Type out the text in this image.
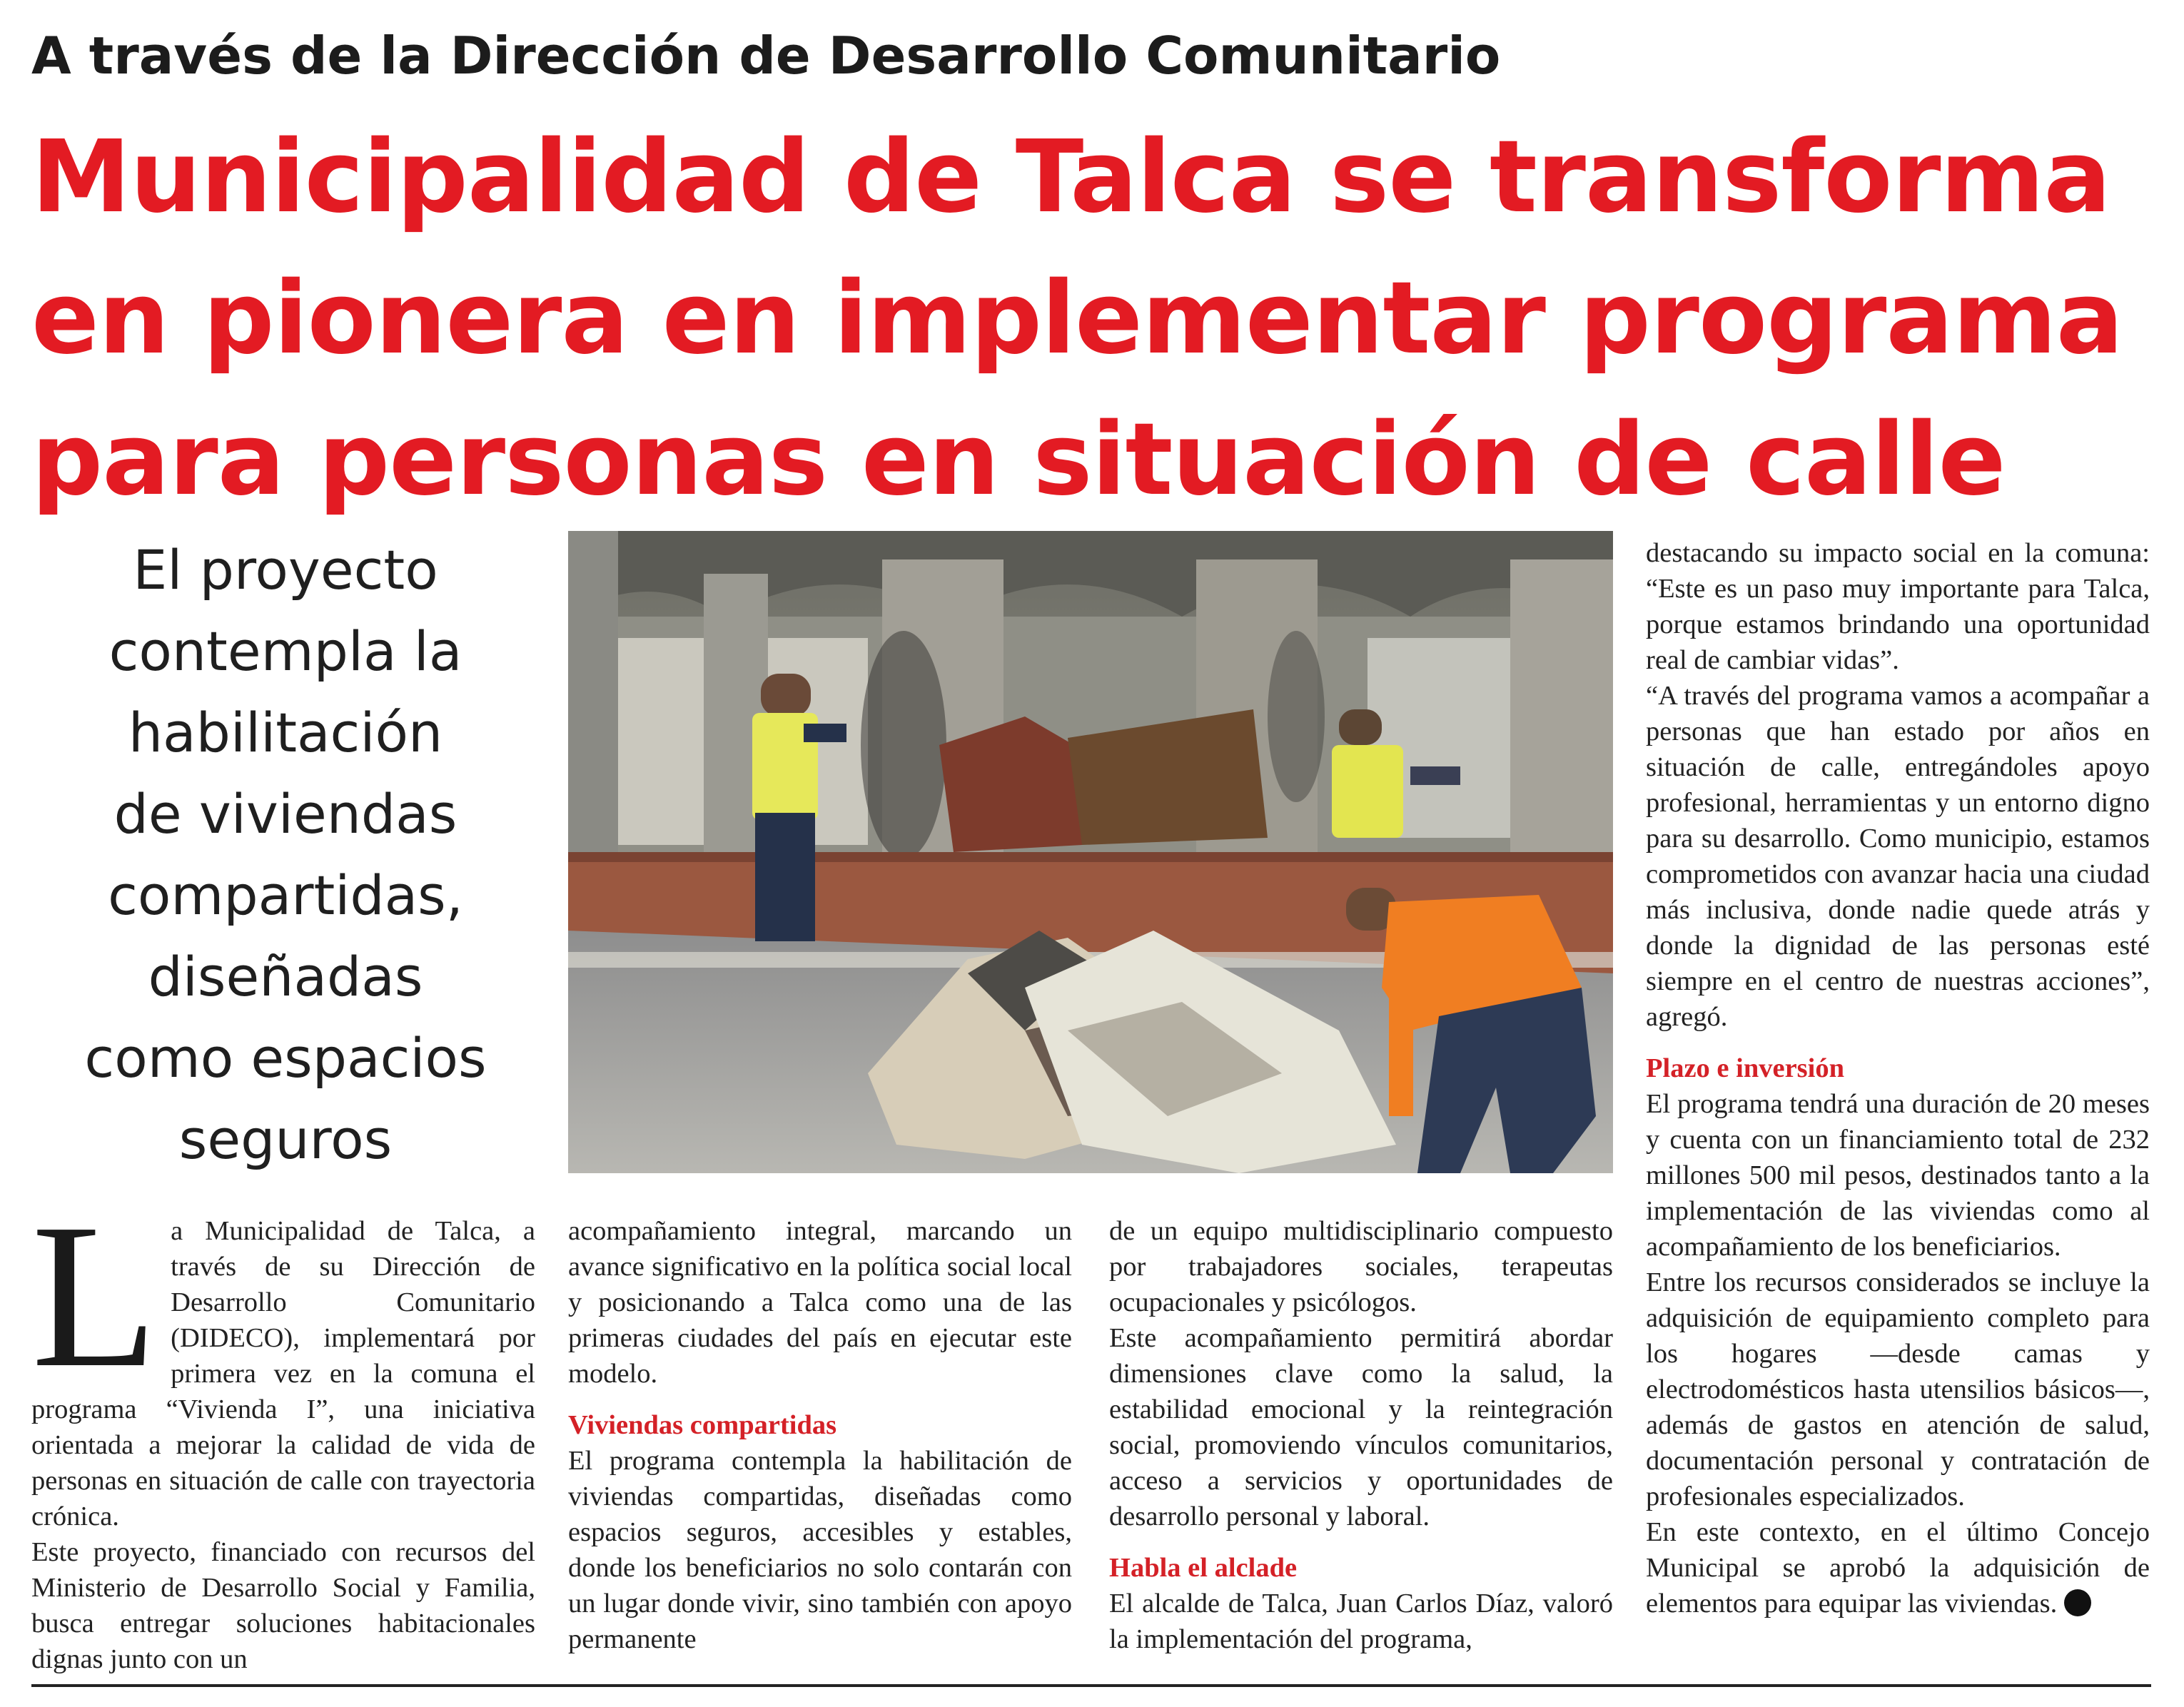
A través de la Dirección de Desarrollo Comunitario
Municipalidad de Talca se transforma
en pionera en implementar programa
para personas en situación de calle
El proyecto
contempla la
habilitación
de viviendas
compartidas,
diseñadas
como espacios
seguros
L a Municipalidad de Talca, a través de su Dirección de Desarrollo Comunitario (DIDECO), implementará por primera vez en la comuna el programa “Vivienda I”, una iniciativa orientada a mejorar la calidad de vida de personas en situación de calle con trayectoria crónica.

Este proyecto, financiado con recursos del Ministerio de Desarrollo Social y Familia, busca entregar soluciones habitacionales dignas junto con un

acompañamiento integral, marcando un avance significativo en la política social local y posicionando a Talca como una de las primeras ciudades del país en ejecutar este modelo.

Viviendas compartidas

El programa contempla la habilitación de viviendas compartidas, diseñadas como espacios seguros, accesibles y estables, donde los beneficiarios no solo contarán con un lugar donde vivir, sino también con apoyo permanente

de un equipo multidisciplinario compuesto por trabajadores sociales, terapeutas ocupacionales y psicólogos.

Este acompañamiento permitirá abordar dimensiones clave como la salud, la estabilidad emocional y la reintegración social, promoviendo vínculos comunitarios, acceso a servicios y oportunidades de desarrollo personal y laboral.

Habla el alclade

El alcalde de Talca, Juan Carlos Díaz, valoró la implementación del programa,

destacando su impacto social en la comuna: “Este es un paso muy importante para Talca, porque estamos brindando una oportunidad real de cambiar vidas”.

“A través del programa vamos a acompañar a personas que han estado por años en situación de calle, entregándoles apoyo profesional, herramientas y un entorno digno para su desarrollo. Como municipio, estamos comprometidos con avanzar hacia una ciudad más inclusiva, donde nadie quede atrás y donde la dignidad de las personas esté siempre en el centro de nuestras acciones”, agregó.

Plazo e inversión

El programa tendrá una duración de 20 meses y cuenta con un financiamiento total de 232 millones 500 mil pesos, destinados tanto a la implementación de las viviendas como al acompañamiento de los beneficiarios.

Entre los recursos considerados se incluye la adquisición de equipamiento completo para los hogares —desde camas y electrodomésticos hasta utensilios básicos—, además de gastos en atención de salud, documentación personal y contratación de profesionales especializados.

En este contexto, en el último Concejo Municipal se aprobó la adquisición de elementos para equipar las viviendas.
